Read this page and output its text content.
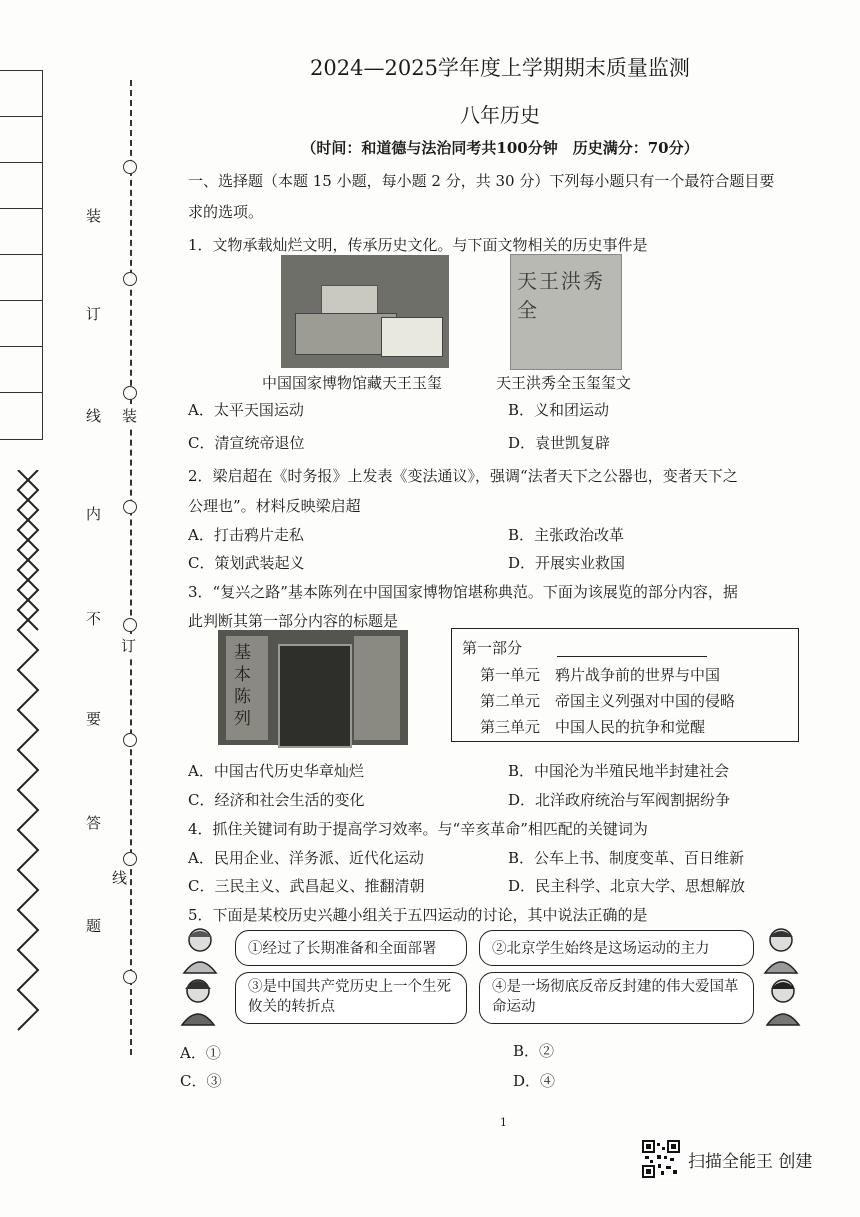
装
订
线
内
不
要
答
题
装
订
线
2024—2025学年度上学期期末质量监测
八年历史
（时间：和道德与法治同考共100分钟　历史满分：70分）
一、选择题（本题 15 小题，每小题 2 分，共 30 分）下列每小题只有一个最符合题目要
求的选项。
1．文物承载灿烂文明，传承历史文化。与下面文物相关的历史事件是
天王洪秀全
中国国家博物馆藏天王玉玺	天王洪秀全玉玺玺文
A．太平天国运动	B．义和团运动
C．清宣统帝退位	D．袁世凯复辟
2．梁启超在《时务报》上发表《变法通议》，强调“法者天下之公器也，变者天下之
公理也”。材料反映梁启超
A．打击鸦片走私	B．主张政治改革
C．策划武装起义	D．开展实业救国
3．“复兴之路”基本陈列在中国国家博物馆堪称典范。下面为该展览的部分内容，据
此判断其第一部分内容的标题是
基本陈列
第一部分
第一单元　鸦片战争前的世界与中国
第二单元　帝国主义列强对中国的侵略
第三单元　中国人民的抗争和觉醒
A．中国古代历史华章灿烂	B．中国沦为半殖民地半封建社会
C．经济和社会生活的变化	D．北洋政府统治与军阀割据纷争
4．抓住关键词有助于提高学习效率。与“辛亥革命”相匹配的关键词为
A．民用企业、洋务派、近代化运动	B．公车上书、制度变革、百日维新
C．三民主义、武昌起义、推翻清朝	D．民主科学、北京大学、思想解放
5．下面是某校历史兴趣小组关于五四运动的讨论，其中说法正确的是
①经过了长期准备和全面部署	②北京学生始终是这场运动的主力
③是中国共产党历史上一个生死攸关的转折点
④是一场彻底反帝反封建的伟大爱国革命运动
A．①	B．②
C．③	D．④
1
扫描全能王 创建
